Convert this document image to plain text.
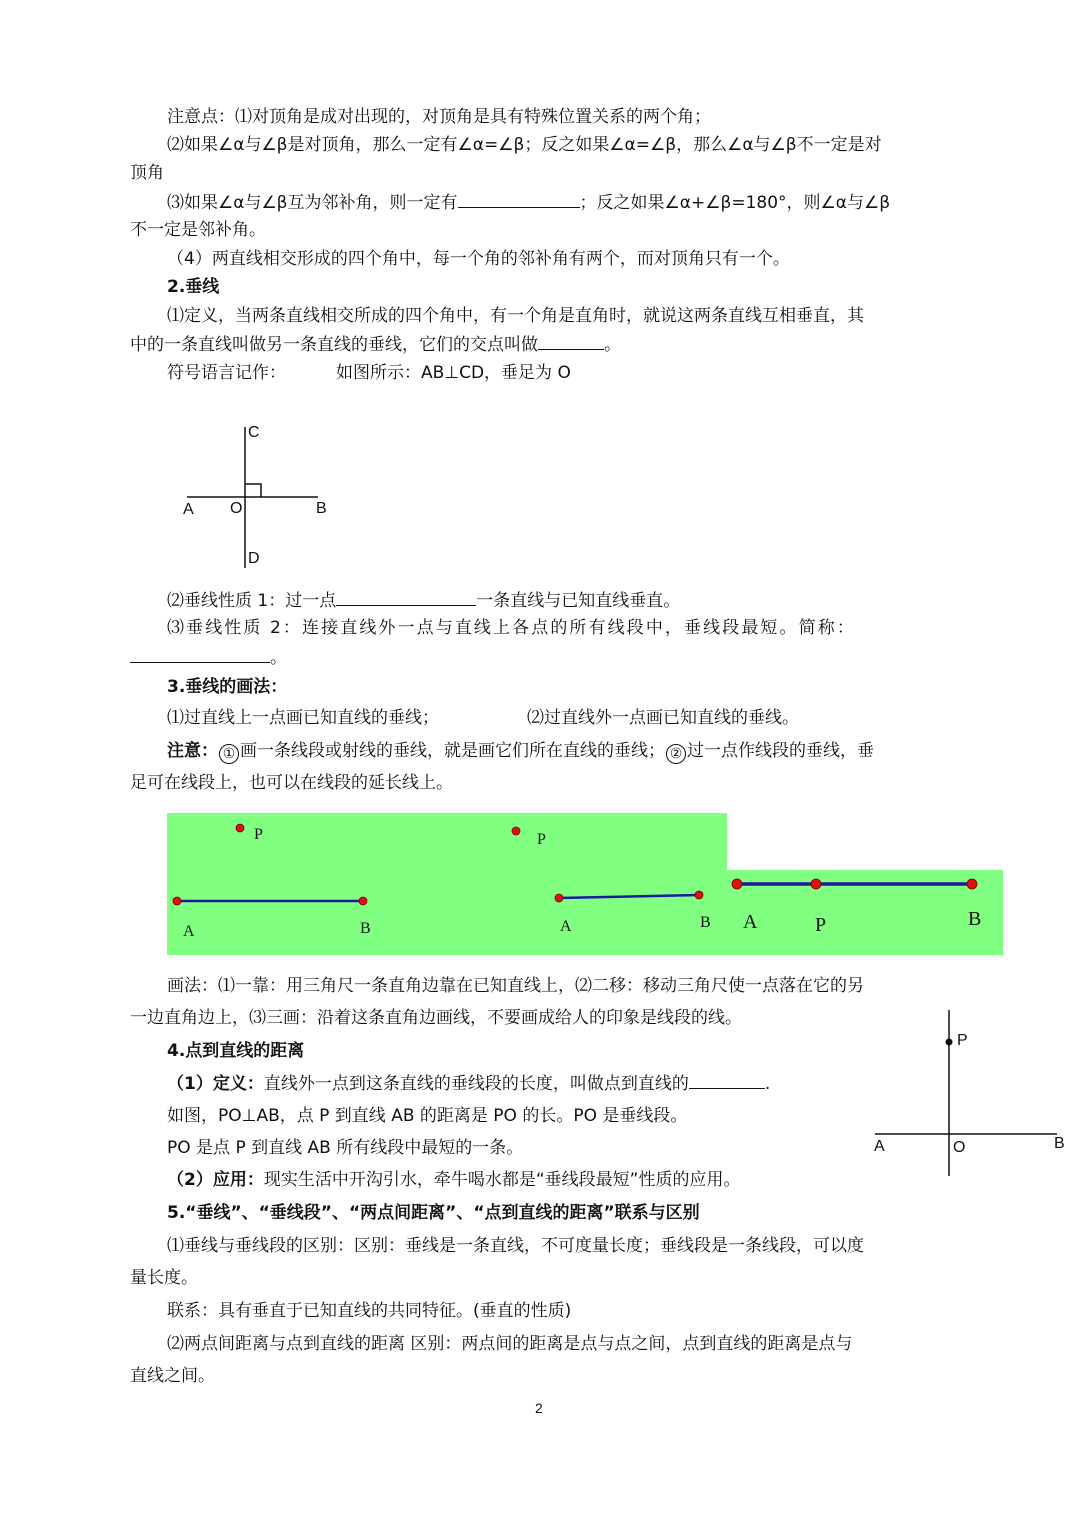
注意点：⑴对顶角是成对出现的，对顶角是具有特殊位置关系的两个角；
⑵如果∠α与∠β是对顶角，那么一定有∠α=∠β；反之如果∠α=∠β，那么∠α与∠β不一定是对
顶角
⑶如果∠α与∠β互为邻补角，则一定有	；反之如果∠α+∠β=180°，则∠α与∠β
不一定是邻补角。
（4）两直线相交形成的四个角中，每一个角的邻补角有两个，而对顶角只有一个。
2.垂线
⑴定义，当两条直线相交所成的四个角中，有一个角是直角时，就说这两条直线互相垂直，其
中的一条直线叫做另一条直线的垂线，它们的交点叫做	。
符号语言记作：	如图所示：AB⊥CD，垂足为 O
C
A O	B
D
⑵垂线性质 1：过一点	一条直线与已知直线垂直。
⑶垂线性质 2：连接直线外一点与直线上各点的所有线段中，垂线段最短。简称：
。
3.垂线的画法：
⑴过直线上一点画已知直线的垂线；	⑵过直线外一点画已知直线的垂线。
注意： ① 画一条线段或射线的垂线，就是画它们所在直线的垂线； ② 过一点作线段的垂线，垂
足可在线段上，也可以在线段的延长线上。
P
A	B
P
A	B A	P	B
画法：⑴一靠：用三角尺一条直角边靠在已知直线上，⑵二移：移动三角尺使一点落在它的另
一边直角边上，⑶三画：沿着这条直角边画线，不要画成给人的印象是线段的线。
4.点到直线的距离
（1）定义：直线外一点到这条直线的垂线段的长度，叫做点到直线的	.
如图，PO⊥AB，点 P 到直线 AB 的距离是 PO 的长。PO 是垂线段。
PO 是点 P 到直线 AB 所有线段中最短的一条。
（2）应用：现实生活中开沟引水，牵牛喝水都是“垂线段最短”性质的应用。
P
A	O	B
5.“垂线”、“垂线段”、“两点间距离”、“点到直线的距离”联系与区别
⑴垂线与垂线段的区别：区别：垂线是一条直线，不可度量长度；垂线段是一条线段，可以度
量长度。
联系：具有垂直于已知直线的共同特征。(垂直的性质)
⑵两点间距离与点到直线的距离 区别：两点间的距离是点与点之间，点到直线的距离是点与
直线之间。
2
